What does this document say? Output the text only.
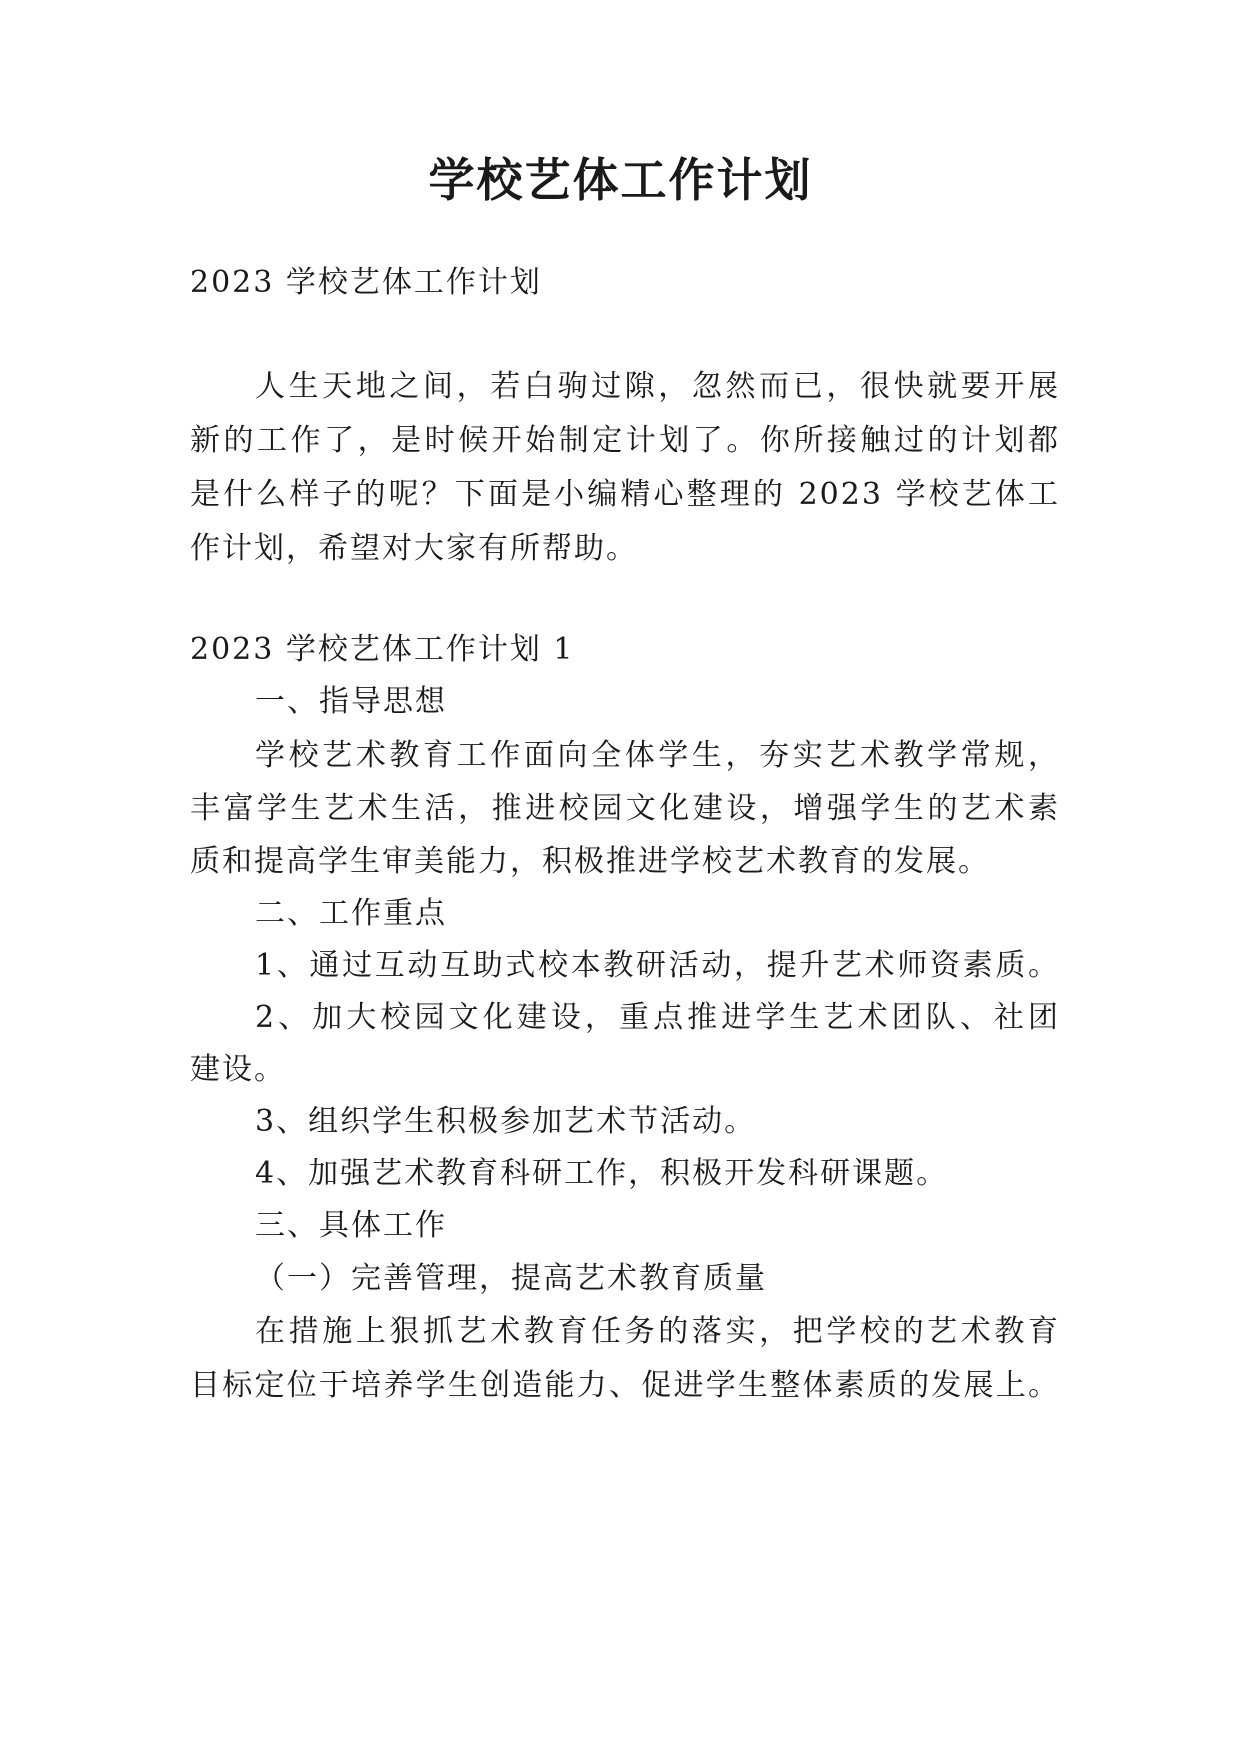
学校艺体工作计划
2023 学校艺体工作计划
人生天地之间，若白驹过隙，忽然而已，很快就要开展
新的工作了，是时候开始制定计划了。你所接触过的计划都
是什么样子的呢？下面是小编精心整理的 2023 学校艺体工
作计划，希望对大家有所帮助。
2023 学校艺体工作计划 1
一、指导思想
学校艺术教育工作面向全体学生，夯实艺术教学常规，
丰富学生艺术生活，推进校园文化建设，增强学生的艺术素
质和提高学生审美能力，积极推进学校艺术教育的发展。
二、工作重点
1、通过互动互助式校本教研活动，提升艺术师资素质。
2、加大校园文化建设，重点推进学生艺术团队、社团
建设。
3、组织学生积极参加艺术节活动。
4、加强艺术教育科研工作，积极开发科研课题。
三、具体工作
（一）完善管理，提高艺术教育质量
在措施上狠抓艺术教育任务的落实，把学校的艺术教育
目标定位于培养学生创造能力、促进学生整体素质的发展上。
